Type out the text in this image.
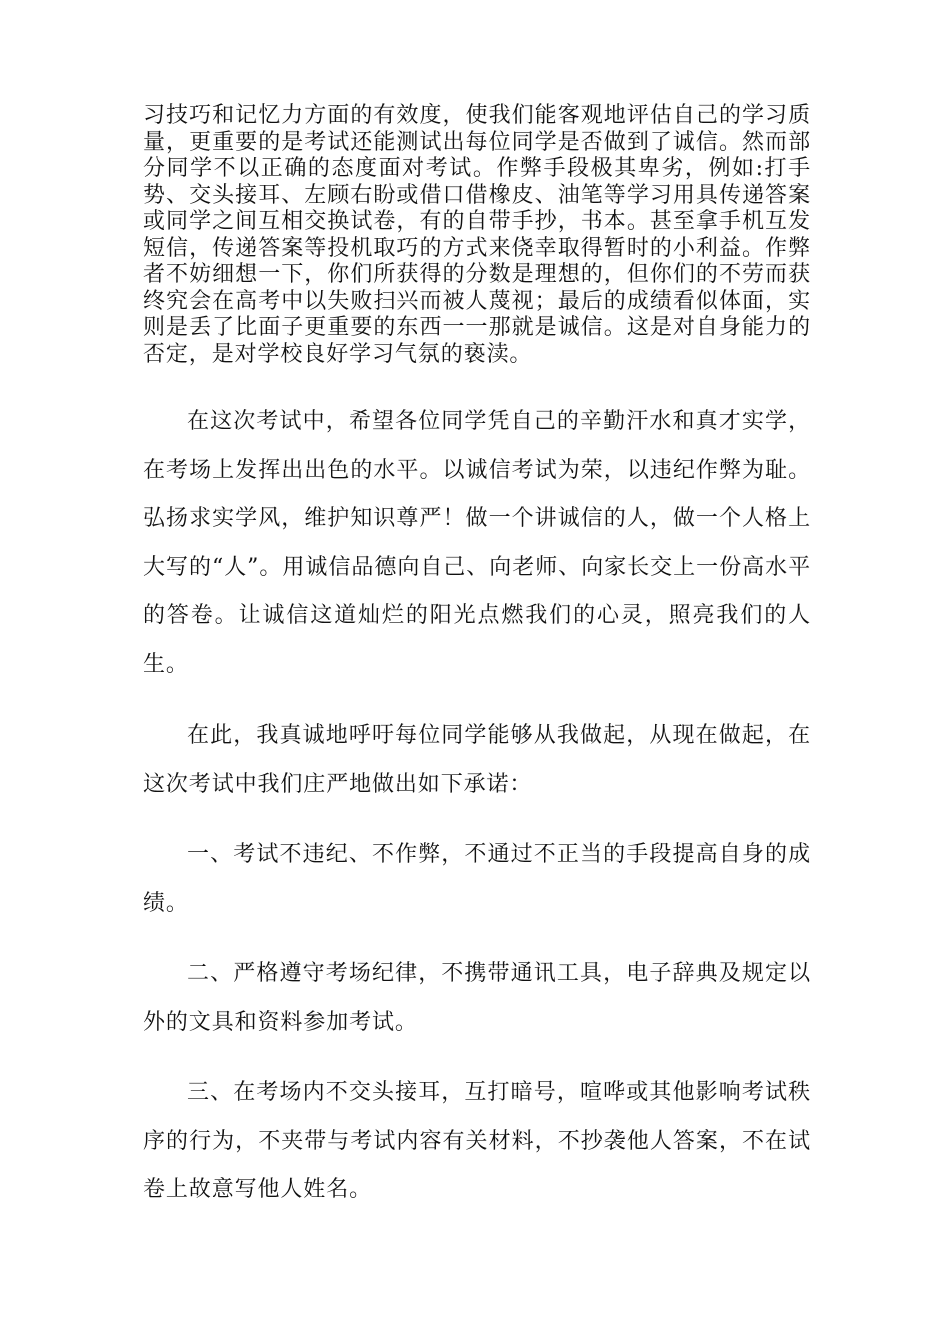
习技巧和记忆力方面的有效度，使我们能客观地评估自己的学习质量，更重要的是考试还能测试出每位同学是否做到了诚信。然而部分同学不以正确的态度面对考试。作弊手段极其卑劣，例如:打手势、交头接耳、左顾右盼或借口借橡皮、油笔等学习用具传递答案或同学之间互相交换试卷，有的自带手抄，书本。甚至拿手机互发短信，传递答案等投机取巧的方式来侥幸取得暂时的小利益。作弊者不妨细想一下，你们所获得的分数是理想的，但你们的不劳而获终究会在高考中以失败扫兴而被人蔑视；最后的成绩看似体面，实则是丢了比面子更重要的东西一一那就是诚信。这是对自身能力的否定，是对学校良好学习气氛的亵渎。

在这次考试中，希望各位同学凭自己的辛勤汗水和真才实学，在考场上发挥出出色的水平。以诚信考试为荣，以违纪作弊为耻。弘扬求实学风，维护知识尊严！做一个讲诚信的人，做一个人格上大写的“人”。用诚信品德向自己、向老师、向家长交上一份高水平的答卷。让诚信这道灿烂的阳光点燃我们的心灵，照亮我们的人生。

在此，我真诚地呼吁每位同学能够从我做起，从现在做起，在这次考试中我们庄严地做出如下承诺：

一、考试不违纪、不作弊，不通过不正当的手段提高自身的成绩。

二、严格遵守考场纪律，不携带通讯工具，电子辞典及规定以外的文具和资料参加考试。

三、在考场内不交头接耳，互打暗号，喧哗或其他影响考试秩序的行为，不夹带与考试内容有关材料，不抄袭他人答案，不在试卷上故意写他人姓名。
